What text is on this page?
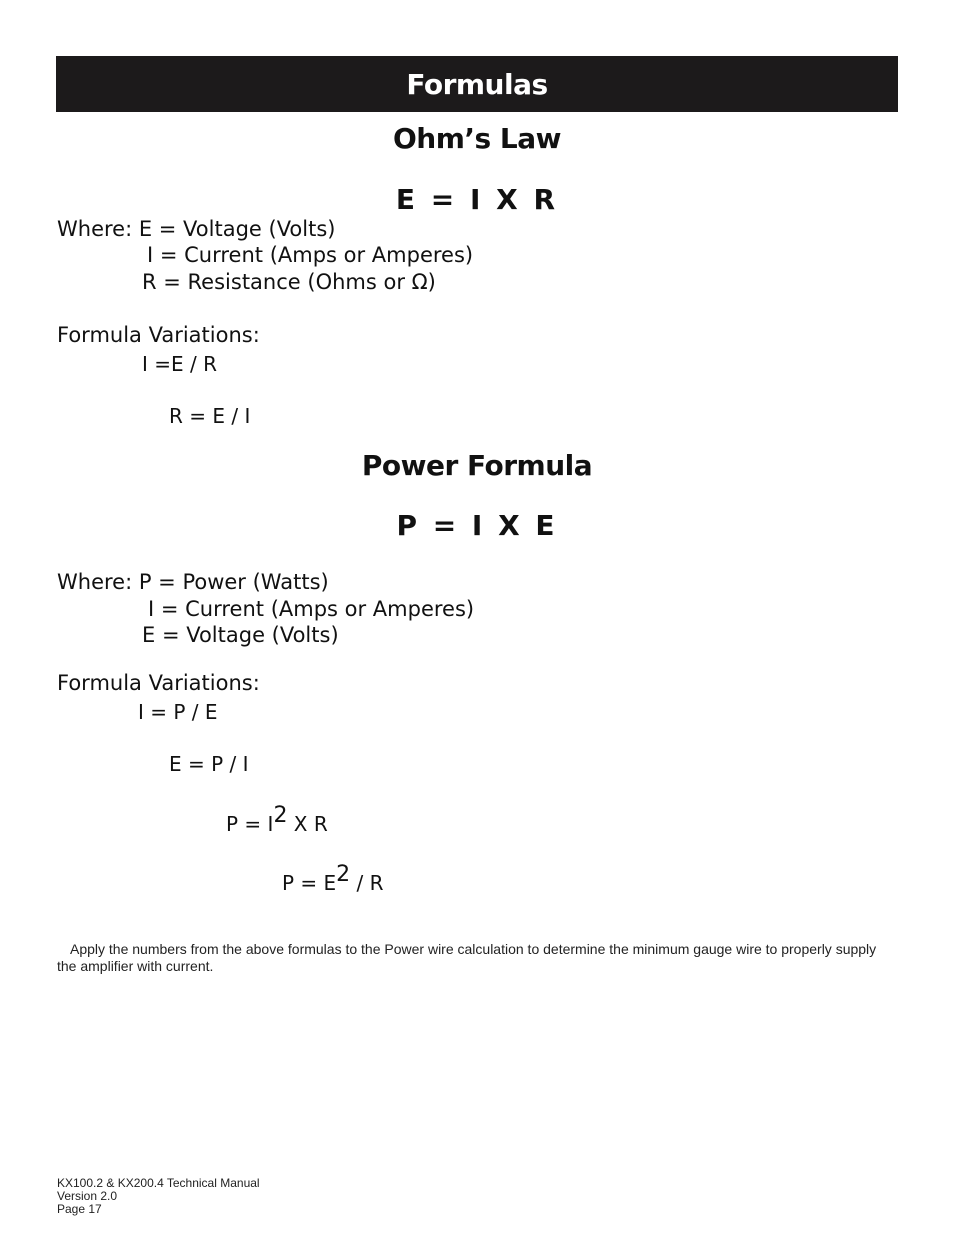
Formulas
Ohm’s Law
E = I X R
Where: E = Voltage (Volts)
I = Current (Amps or Amperes)
R = Resistance (Ohms or Ω)
Formula Variations:
I =E / R
R = E / I
Power Formula
P = I X E
Where: P = Power (Watts)
I = Current (Amps or Amperes)
E = Voltage (Volts)
Formula Variations:
I = P / E
E = P / I
P = I2 X R
P = E2 / R
Apply the numbers from the above formulas to the Power wire calculation to determine the minimum gauge wire to properly supply the amplifier with current.
KX100.2 & KX200.4 Technical Manual
Version 2.0
Page 17
